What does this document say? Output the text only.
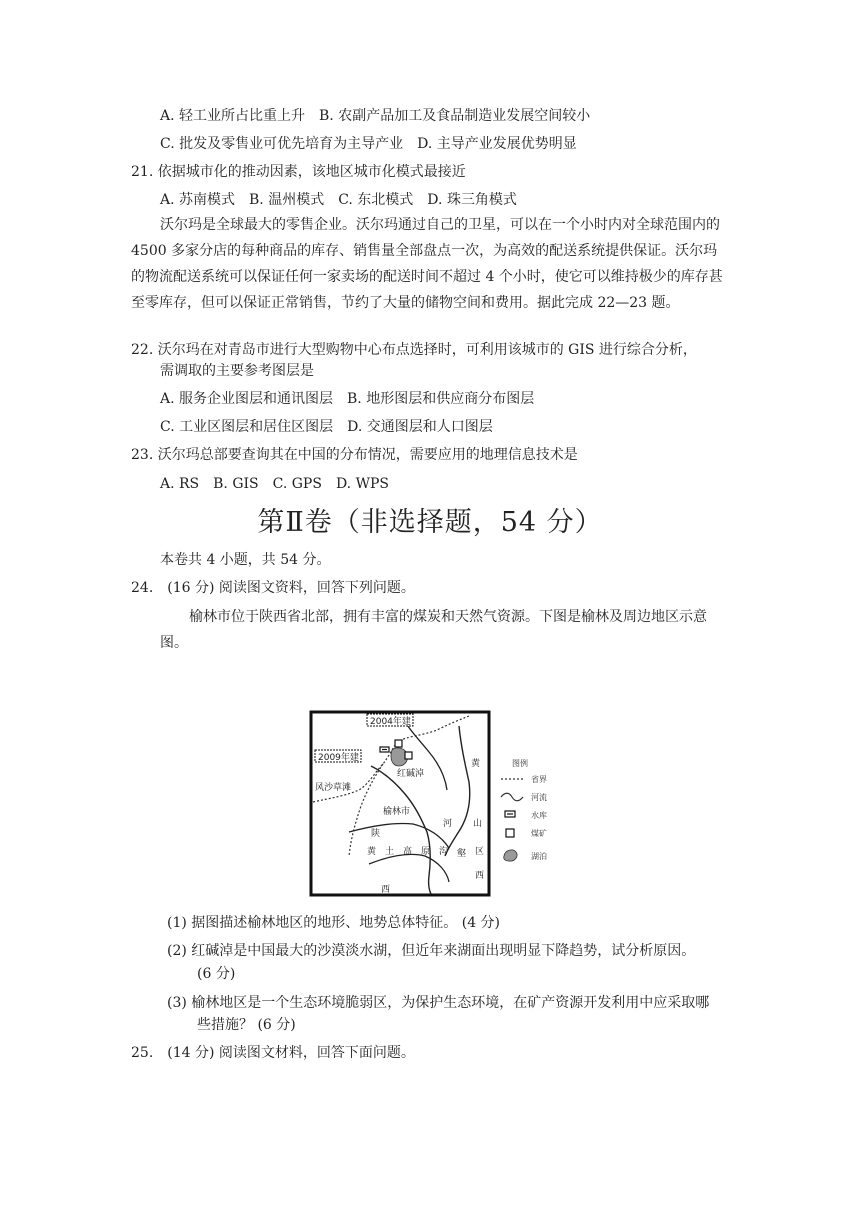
A. 轻工业所占比重上升　B. 农副产品加工及食品制造业发展空间较小
C. 批发及零售业可优先培育为主导产业　D. 主导产业发展优势明显
21. 依据城市化的推动因素，该地区城市化模式最接近
A. 苏南模式　B. 温州模式　C. 东北模式　D. 珠三角模式
沃尔玛是全球最大的零售企业。沃尔玛通过自己的卫星，可以在一个小时内对全球范围内的 4500 多家分店的每种商品的库存、销售量全部盘点一次，为高效的配送系统提供保证。沃尔玛的物流配送系统可以保证任何一家卖场的配送时间不超过 4 个小时，使它可以维持极少的库存甚至零库存，但可以保证正常销售，节约了大量的储物空间和费用。据此完成 22—23 题。
22. 沃尔玛在对青岛市进行大型购物中心布点选择时，可利用该城市的 GIS 进行综合分析，
需调取的主要参考图层是
A. 服务企业图层和通讯图层　B. 地形图层和供应商分布图层
C. 工业区图层和居住区图层　D. 交通图层和人口图层
23. 沃尔玛总部要查询其在中国的分布情况，需要应用的地理信息技术是
A. RS　B. GIS　C. GPS　D. WPS
第Ⅱ卷（非选择题，54 分）
本卷共 4 小题，共 54 分。
24.　(16 分) 阅读图文资料，回答下列问题。
榆林市位于陕西省北部，拥有丰富的煤炭和天然气资源。下图是榆林及周边地区示意图。
2004年建
2009年建
红碱淖
风沙草滩
榆林市
陕
黄 土 高 原 沟 壑 区
西
黄
河 山
西
图例
省界
河流
水库
煤矿
湖泊
(1) 据图描述榆林地区的地形、地势总体特征。 (4 分)
(2) 红碱淖是中国最大的沙漠淡水湖，但近年来湖面出现明显下降趋势，试分析原因。
(6 分)
(3) 榆林地区是一个生态环境脆弱区，为保护生态环境，在矿产资源开发利用中应采取哪
些措施？ (6 分)
25.　(14 分) 阅读图文材料，回答下面问题。
